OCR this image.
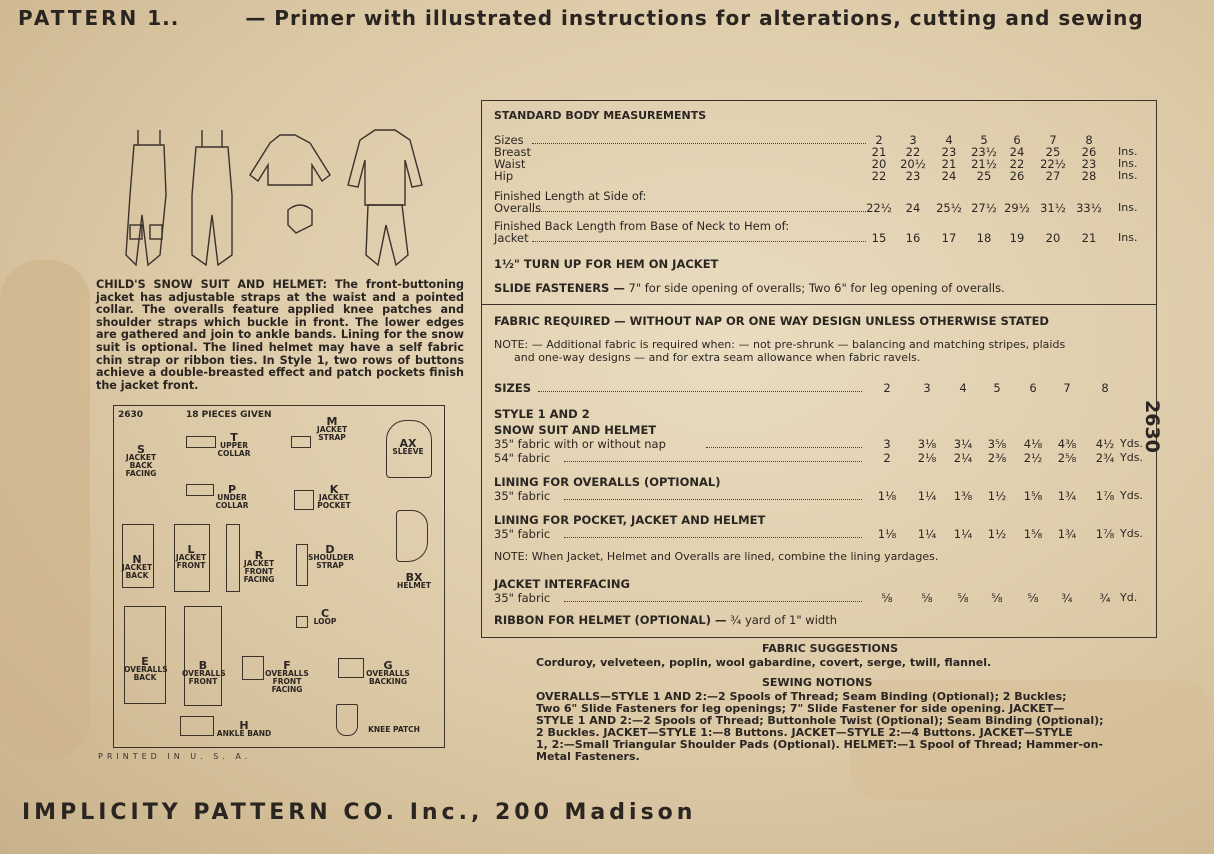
PATTERN 1..	— Primer with illustrated instructions for alterations, cutting and sewing
CHILD'S SNOW SUIT AND HELMET: The front-buttoning jacket has adjustable straps at the waist and a pointed collar. The overalls feature applied knee patches and shoulder straps which buckle in front. The lower edges are gathered and join to ankle bands. Lining for the snow suit is optional. The lined helmet may have a self fabric chin strap or ribbon ties. In Style 1, two rows of buttons achieve a double-breasted effect and patch pockets finish the jacket front.
2630	18 PIECES GIVEN
S
JACKET BACK FACING
T
UPPER COLLAR
M
JACKET STRAP	AX
SLEEVE
P
UNDER COLLAR
K
JACKET POCKET
N
JACKET BACK
L
JACKET FRONT
R
JACKET FRONT FACING
D
SHOULDER STRAP
BX
HELMET
C
LOOP
E
OVERALLS BACK
B
OVERALLS FRONT
F
OVERALLS FRONT FACING
G
OVERALLS BACKING
H
ANKLE BAND	KNEE PATCH
PRINTED IN U. S. A.
STANDARD BODY MEASUREMENTS
Sizes	2	3	4	5	6	7	8
Breast	21	22	23	23½	24	25	26	Ins.
Waist	20	20½	21	21½	22	22½	23	Ins.
Hip	22	23	24	25	26	27	28	Ins.
Finished Length at Side of:
Overalls	22½	24	25½ 27½ 29½ 31½ 33½	Ins.
Finished Back Length from Base of Neck to Hem of:
Jacket	15	16	17	18	19	20	21	Ins.
1½" TURN UP FOR HEM ON JACKET
SLIDE FASTENERS — 7" for side opening of overalls; Two 6" for leg opening of overalls.
FABRIC REQUIRED — WITHOUT NAP OR ONE WAY DESIGN UNLESS OTHERWISE STATED
NOTE: — Additional fabric is required when: — not pre-shrunk — balancing and matching stripes, plaids
and one-way designs — and for extra seam allowance when fabric ravels.
SIZES	2	3	4	5	6	7	8
STYLE 1 AND 2
SNOW SUIT AND HELMET
35" fabric with or without nap	3	3⅛	3¼	3⅝	4⅛	4⅜	4½ Yds.
54" fabric	2	2⅛	2¼	2⅜	2½	2⅝	2¾ Yds.
LINING FOR OVERALLS (OPTIONAL)
35" fabric	1⅛	1¼	1⅜	1½	1⅝	1¾	1⅞ Yds.
LINING FOR POCKET, JACKET AND HELMET
35" fabric	1⅛	1¼	1¼	1½	1⅝	1¾	1⅞ Yds.
JACKET INTERFACING
35" fabric	⅝	⅝	⅝	⅝	⅝	¾	¾ Yd.
NOTE: When Jacket, Helmet and Overalls are lined, combine the lining yardages.
RIBBON FOR HELMET (OPTIONAL) — ¾ yard of 1" width
2630
FABRIC SUGGESTIONS
Corduroy, velveteen, poplin, wool gabardine, covert, serge, twill, flannel.
SEWING NOTIONS
OVERALLS—STYLE 1 AND 2:—2 Spools of Thread; Seam Binding (Optional); 2 Buckles;
Two 6" Slide Fasteners for leg openings; 7" Slide Fastener for side opening. JACKET—
STYLE 1 AND 2:—2 Spools of Thread; Buttonhole Twist (Optional); Seam Binding (Optional);
2 Buckles. JACKET—STYLE 1:—8 Buttons. JACKET—STYLE 2:—4 Buttons. JACKET—STYLE
1, 2:—Small Triangular Shoulder Pads (Optional). HELMET:—1 Spool of Thread; Hammer-on-
Metal Fasteners.
IMPLICITY PATTERN CO. Inc., 200 Madison
